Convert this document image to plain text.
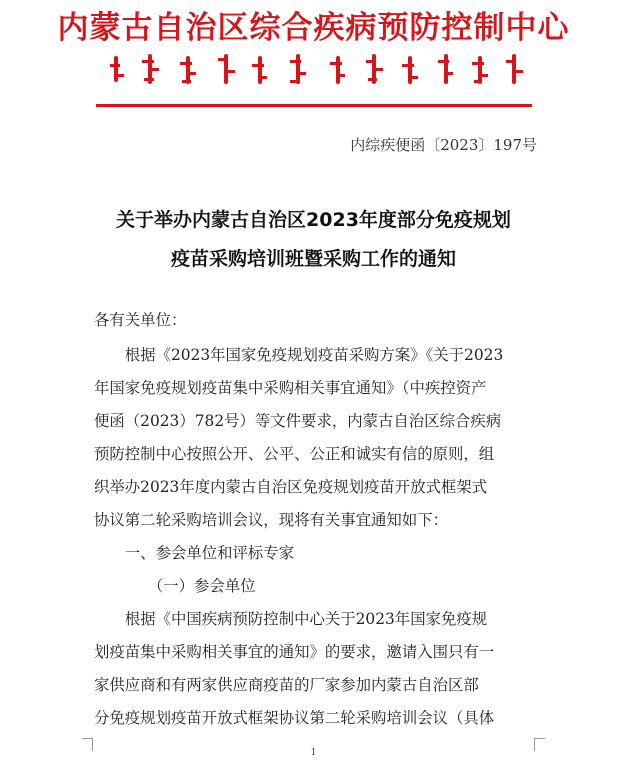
内蒙古自治区综合疾病预防控制中心
内综疾便函〔2023〕197号
关于举办内蒙古自治区2023年度部分免疫规划
疫苗采购培训班暨采购工作的通知
各有关单位：
　　根据《2023年国家免疫规划疫苗采购方案》《关于2023
年国家免疫规划疫苗集中采购相关事宜通知》（中疾控资产
便函（2023）782号）等文件要求，内蒙古自治区综合疾病
预防控制中心按照公开、公平、公正和诚实有信的原则，组
织举办2023年度内蒙古自治区免疫规划疫苗开放式框架式
协议第二轮采购培训会议，现将有关事宜通知如下：
　　一、参会单位和评标专家
　　　　（一）参会单位
　　根据《中国疾病预防控制中心关于2023年国家免疫规
划疫苗集中采购相关事宜的通知》的要求，邀请入围只有一
家供应商和有两家供应商疫苗的厂家参加内蒙古自治区部
分免疫规划疫苗开放式框架协议第二轮采购培训会议（具体
1
